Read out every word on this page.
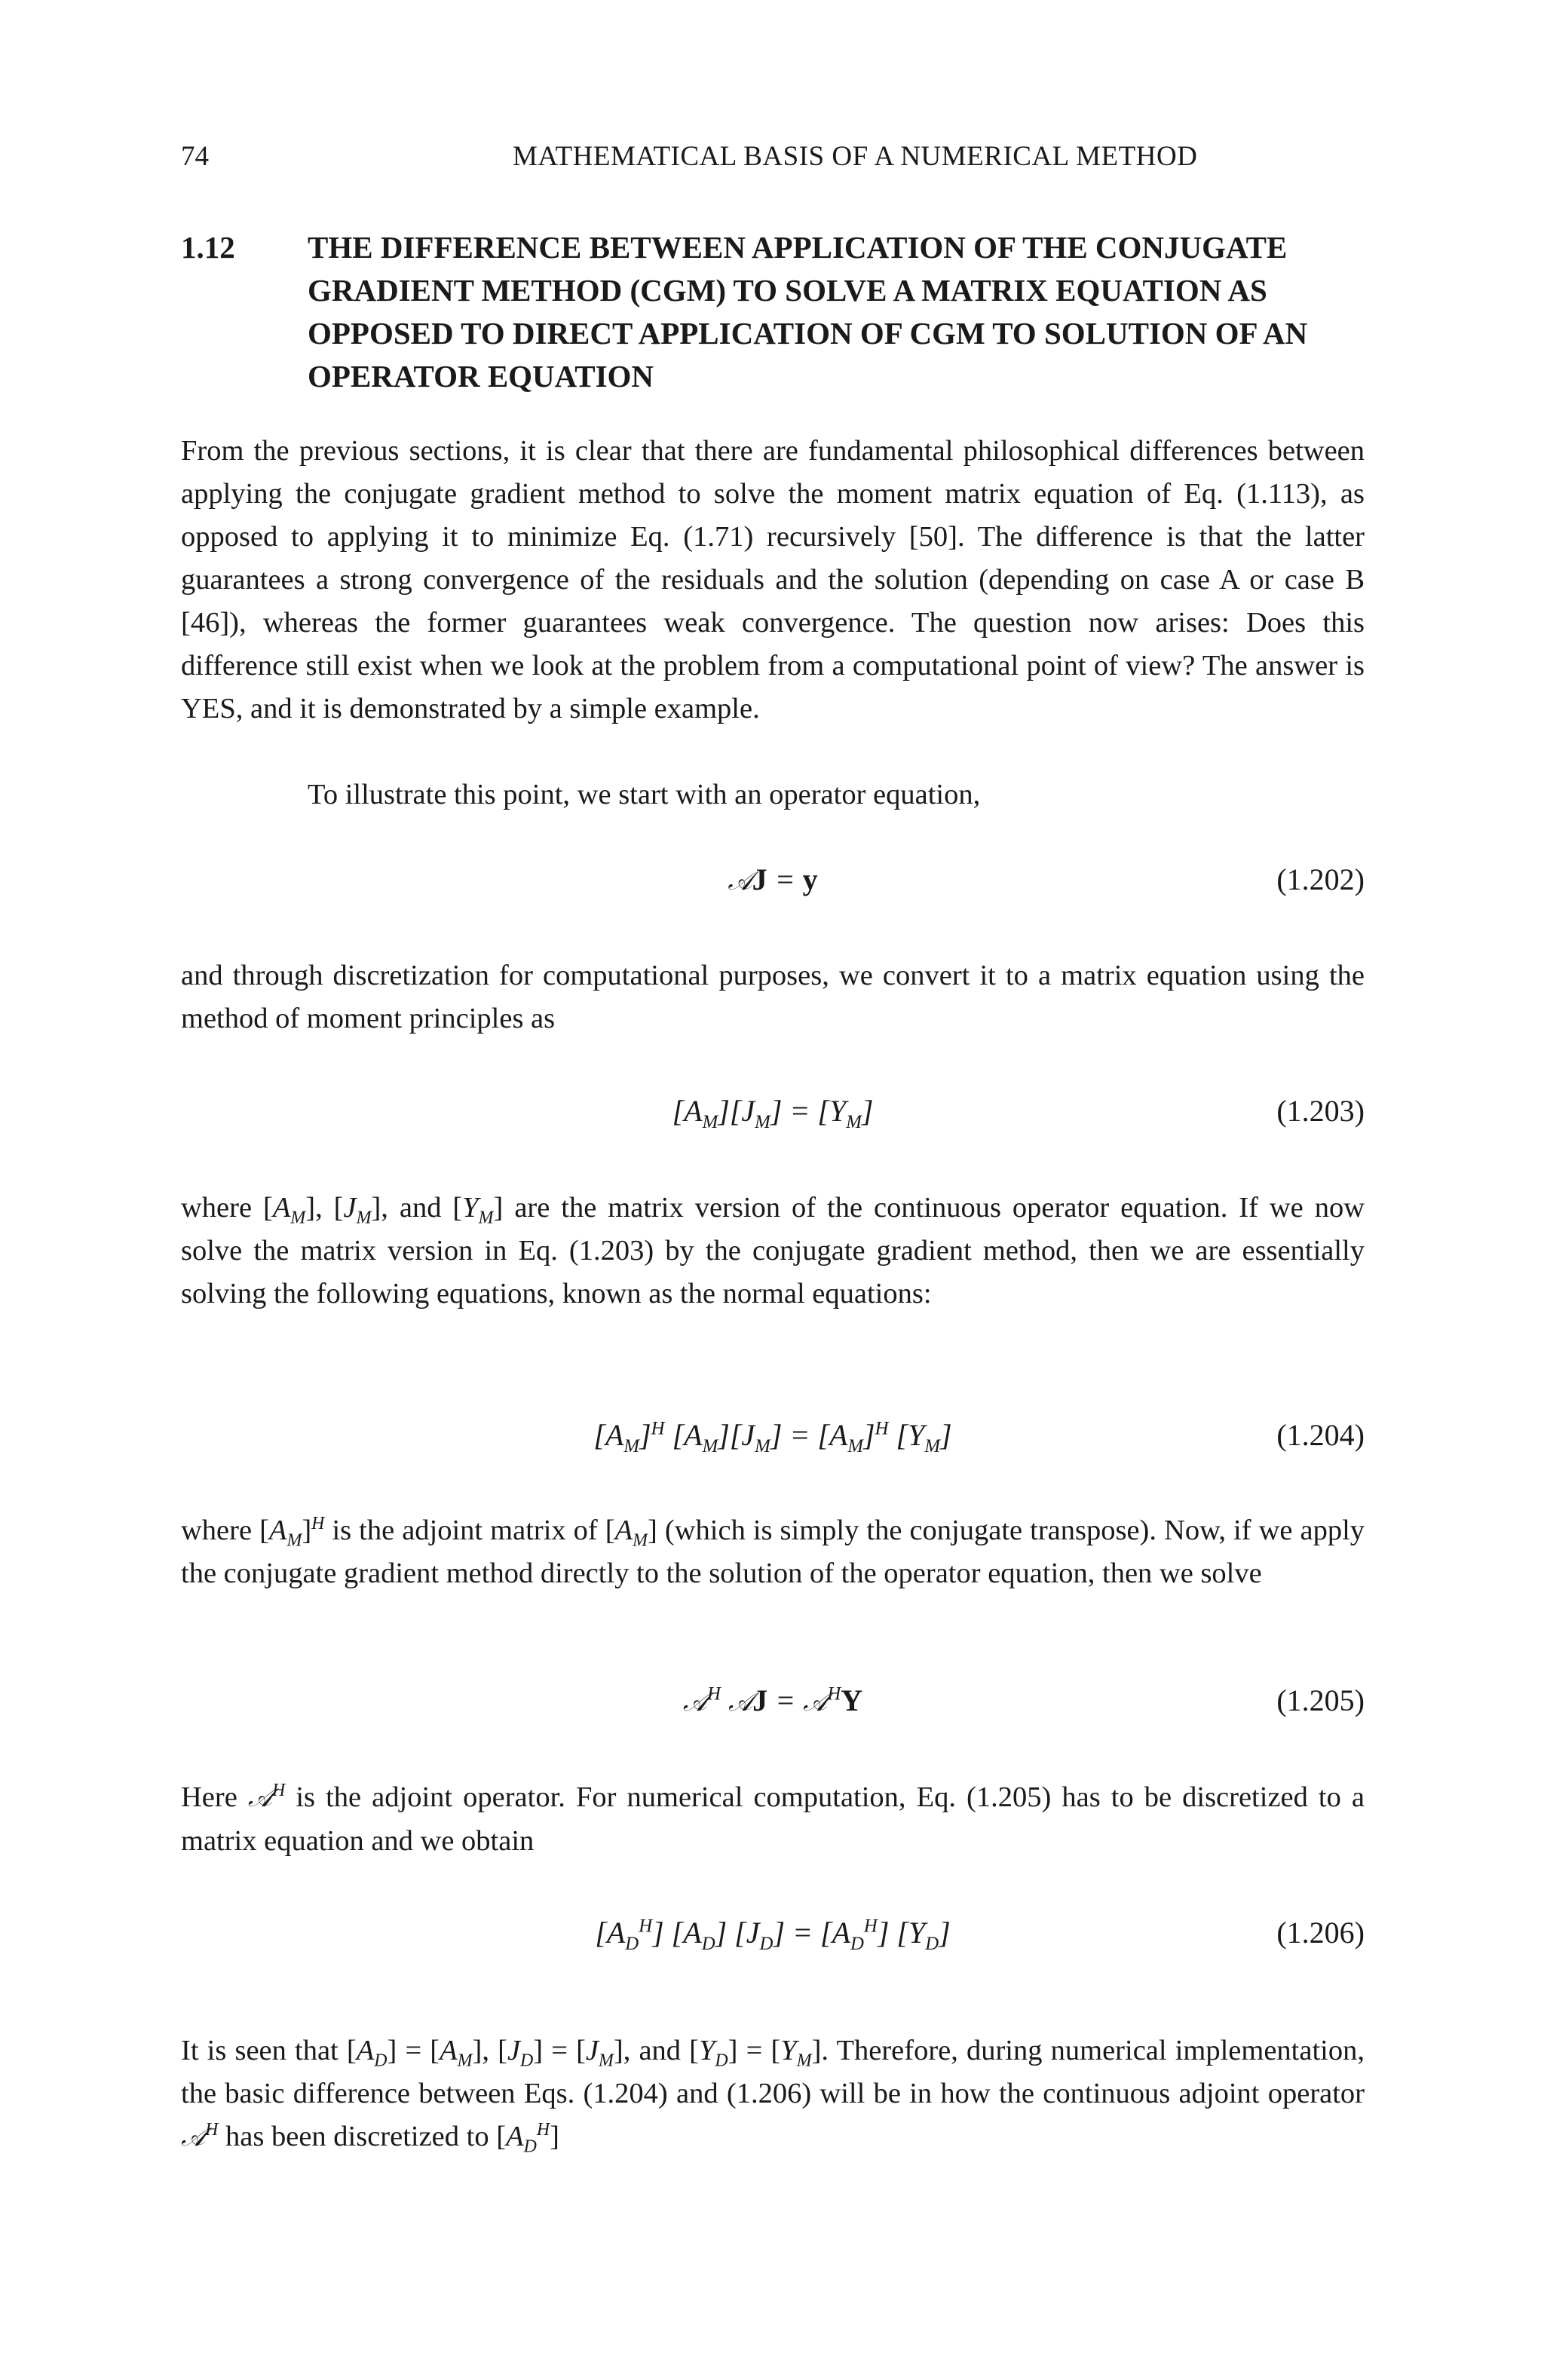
74	MATHEMATICAL BASIS OF A NUMERICAL METHOD
1.12 THE DIFFERENCE BETWEEN APPLICATION OF THE CONJUGATE GRADIENT METHOD (CGM) TO SOLVE A MATRIX EQUATION AS OPPOSED TO DIRECT APPLICATION OF CGM TO SOLUTION OF AN OPERATOR EQUATION

From the previous sections, it is clear that there are fundamental philosophical differences between applying the conjugate gradient method to solve the moment matrix equation of Eq. (1.113), as opposed to applying it to minimize Eq. (1.71) recursively [50]. The difference is that the latter guarantees a strong convergence of the residuals and the solution (depending on case A or case B [46]), whereas the former guarantees weak convergence. The question now arises: Does this difference still exist when we look at the problem from a computational point of view? The answer is YES, and it is demonstrated by a simple example.

To illustrate this point, we start with an operator equation,

𝒜J = y	(1.202)

and through discretization for computational purposes, we convert it to a matrix equation using the method of moment principles as

$[A_M][J_M] = [Y_M]$	(1.203)

where $[A_M]$, $[J_M]$, and $[Y_M]$ are the matrix version of the continuous operator equation. If we now solve the matrix version in Eq. (1.203) by the conjugate gradient method, then we are essentially solving the following equations, known as the normal equations:

$[A_M]^H$ $[A_M][J_M] = [A_M]^H$ $[Y_M]$	(1.204)

where $[A_M]^H$ is the adjoint matrix of $[A_M]$ (which is simply the conjugate transpose). Now, if we apply the conjugate gradient method directly to the solution of the operator equation, then we solve

𝒜$^H$ 𝒜J = 𝒜$^H$Y	(1.205)

Here 𝒜$^H$ is the adjoint operator. For numerical computation, Eq. (1.205) has to be discretized to a matrix equation and we obtain

$[A_D^H]$ $[A_D] [J_D] = [A_D^H]$ $[Y_D]$	(1.206)

It is seen that $[A_D] = [A_M]$, $[J_D] = [J_M]$, and $[Y_D] = [Y_M]$. Therefore, during numerical implementation, the basic difference between Eqs. (1.204) and (1.206) will be in how the continuous adjoint operator 𝒜$^H$ has been discretized to $[A_D^H]$
